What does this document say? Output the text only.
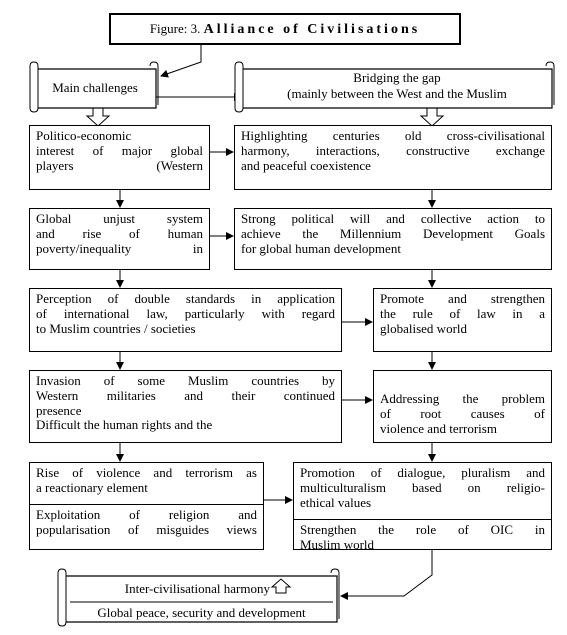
Figure: 3. Alliance of Civilisations
Main challenges
Bridging the gap
(mainly between the West and the Muslim
Politico-economic
interest of major global
players (Western
Global unjust system
and rise of human
poverty/inequality in
Perception of double standards in application
of international law, particularly with regard
to Muslim countries / societies
Invasion of some Muslim countries by
Western militaries and their continued
presence
Difficult the human rights and the
Rise of violence and terrorism as
a reactionary element
Exploitation of religion and
popularisation of misguides views
Highlighting centuries old cross-civilisational
harmony, interactions, constructive exchange
and peaceful coexistence
Strong political will and collective action to
achieve the Millennium Development Goals
for global human development
Promote and strengthen
the rule of law in a
globalised world
Addressing the problem
of root causes of
violence and terrorism
Promotion of dialogue, pluralism and
multiculturalism based on religio-
ethical values
Strengthen the role of OIC in
Muslim world
Inter-civilisational harmony
Global peace, security and development
